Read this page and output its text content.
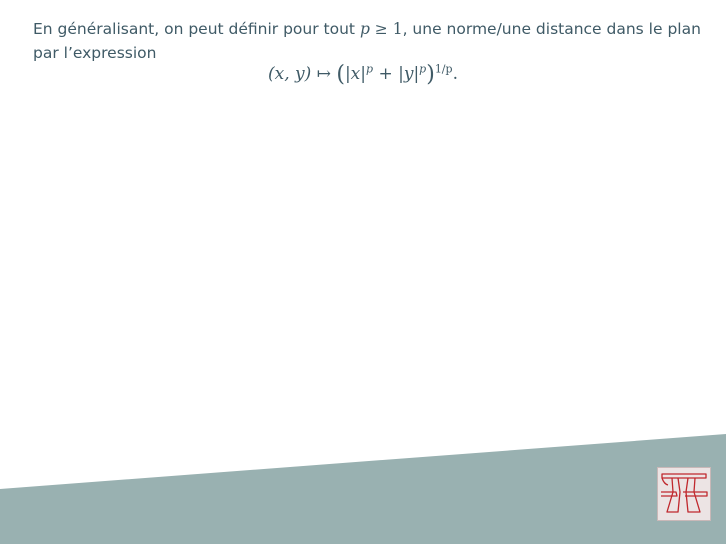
En généralisant, on peut définir pour tout p ≥ 1, une norme/une distance dans le plan par l’expression

(x, y) ↦ $(|x|^p + |y|^p)^{1/p}$.
